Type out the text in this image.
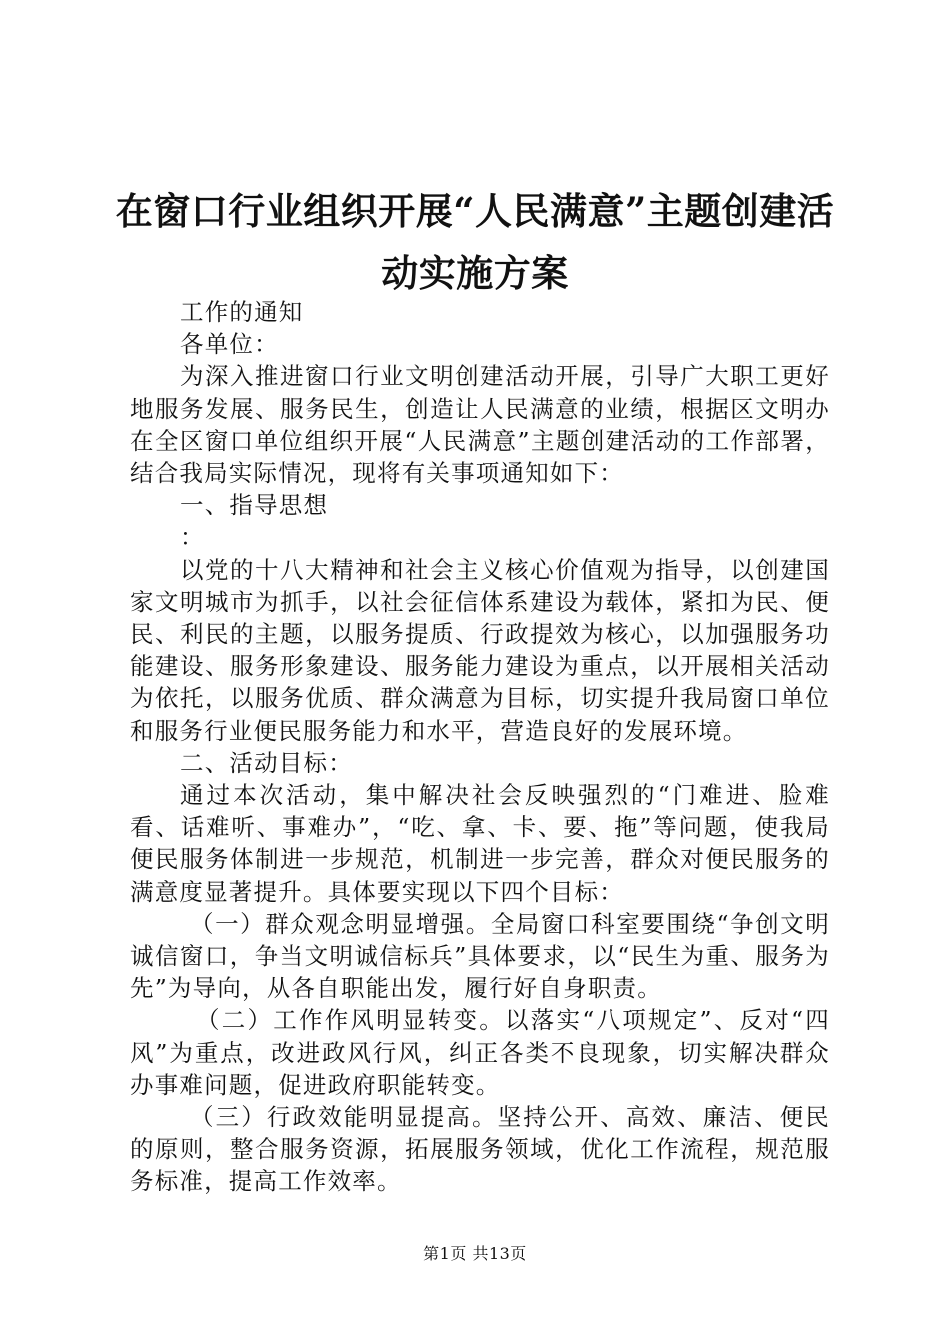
在窗口行业组织开展“人民满意”主题创建活动实施方案

工作的通知

各单位：

为深入推进窗口行业文明创建活动开展，引导广大职工更好地服务发展、服务民生，创造让人民满意的业绩，根据区文明办在全区窗口单位组织开展“人民满意”主题创建活动的工作部署，结合我局实际情况，现将有关事项通知如下：

一、指导思想

：

以党的十八大精神和社会主义核心价值观为指导，以创建国家文明城市为抓手，以社会征信体系建设为载体，紧扣为民、便民、利民的主题，以服务提质、行政提效为核心，以加强服务功能建设、服务形象建设、服务能力建设为重点，以开展相关活动为依托，以服务优质、群众满意为目标，切实提升我局窗口单位和服务行业便民服务能力和水平，营造良好的发展环境。

二、活动目标：

通过本次活动，集中解决社会反映强烈的“门难进、脸难看、话难听、事难办”，“吃、拿、卡、要、拖”等问题，使我局便民服务体制进一步规范，机制进一步完善，群众对便民服务的满意度显著提升。具体要实现以下四个目标：

（一）群众观念明显增强。全局窗口科室要围绕“争创文明诚信窗口，争当文明诚信标兵”具体要求，以“民生为重、服务为先”为导向，从各自职能出发，履行好自身职责。

（二）工作作风明显转变。以落实“八项规定”、反对“四风”为重点，改进政风行风，纠正各类不良现象，切实解决群众办事难问题，促进政府职能转变。

（三）行政效能明显提高。坚持公开、高效、廉洁、便民的原则，整合服务资源，拓展服务领域，优化工作流程，规范服务标准，提高工作效率。

第1页 共13页
